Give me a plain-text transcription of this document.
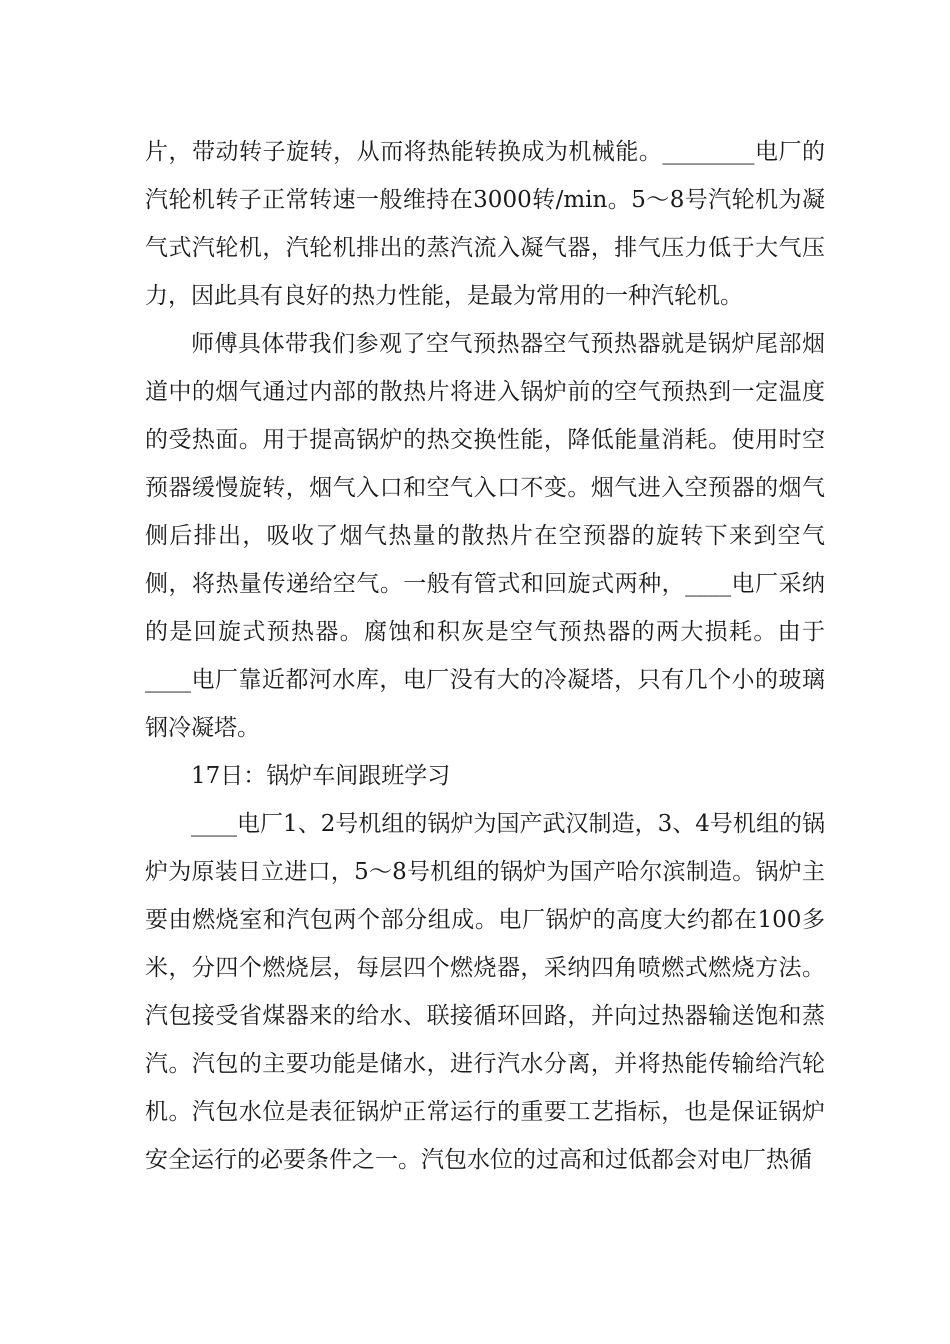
片，带动转子旋转，从而将热能转换成为机械能。________电厂的汽轮机转子正常转速一般维持在3000转/min。5～8号汽轮机为凝气式汽轮机，汽轮机排出的蒸汽流入凝气器，排气压力低于大气压力，因此具有良好的热力性能，是最为常用的一种汽轮机。

师傅具体带我们参观了空气预热器空气预热器就是锅炉尾部烟道中的烟气通过内部的散热片将进入锅炉前的空气预热到一定温度的受热面。用于提高锅炉的热交换性能，降低能量消耗。使用时空预器缓慢旋转，烟气入口和空气入口不变。烟气进入空预器的烟气侧后排出，吸收了烟气热量的散热片在空预器的旋转下来到空气侧，将热量传递给空气。一般有管式和回旋式两种，____电厂采纳的是回旋式预热器。腐蚀和积灰是空气预热器的两大损耗。由于____电厂靠近都河水库，电厂没有大的冷凝塔，只有几个小的玻璃钢冷凝塔。

17日：锅炉车间跟班学习

____电厂1、2号机组的锅炉为国产武汉制造，3、4号机组的锅炉为原装日立进口，5～8号机组的锅炉为国产哈尔滨制造。锅炉主要由燃烧室和汽包两个部分组成。电厂锅炉的高度大约都在100多米，分四个燃烧层，每层四个燃烧器，采纳四角喷燃式燃烧方法。汽包接受省煤器来的给水、联接循环回路，并向过热器输送饱和蒸汽。汽包的主要功能是储水，进行汽水分离，并将热能传输给汽轮机。汽包水位是表征锅炉正常运行的重要工艺指标，也是保证锅炉安全运行的必要条件之一。汽包水位的过高和过低都会对电厂热循
